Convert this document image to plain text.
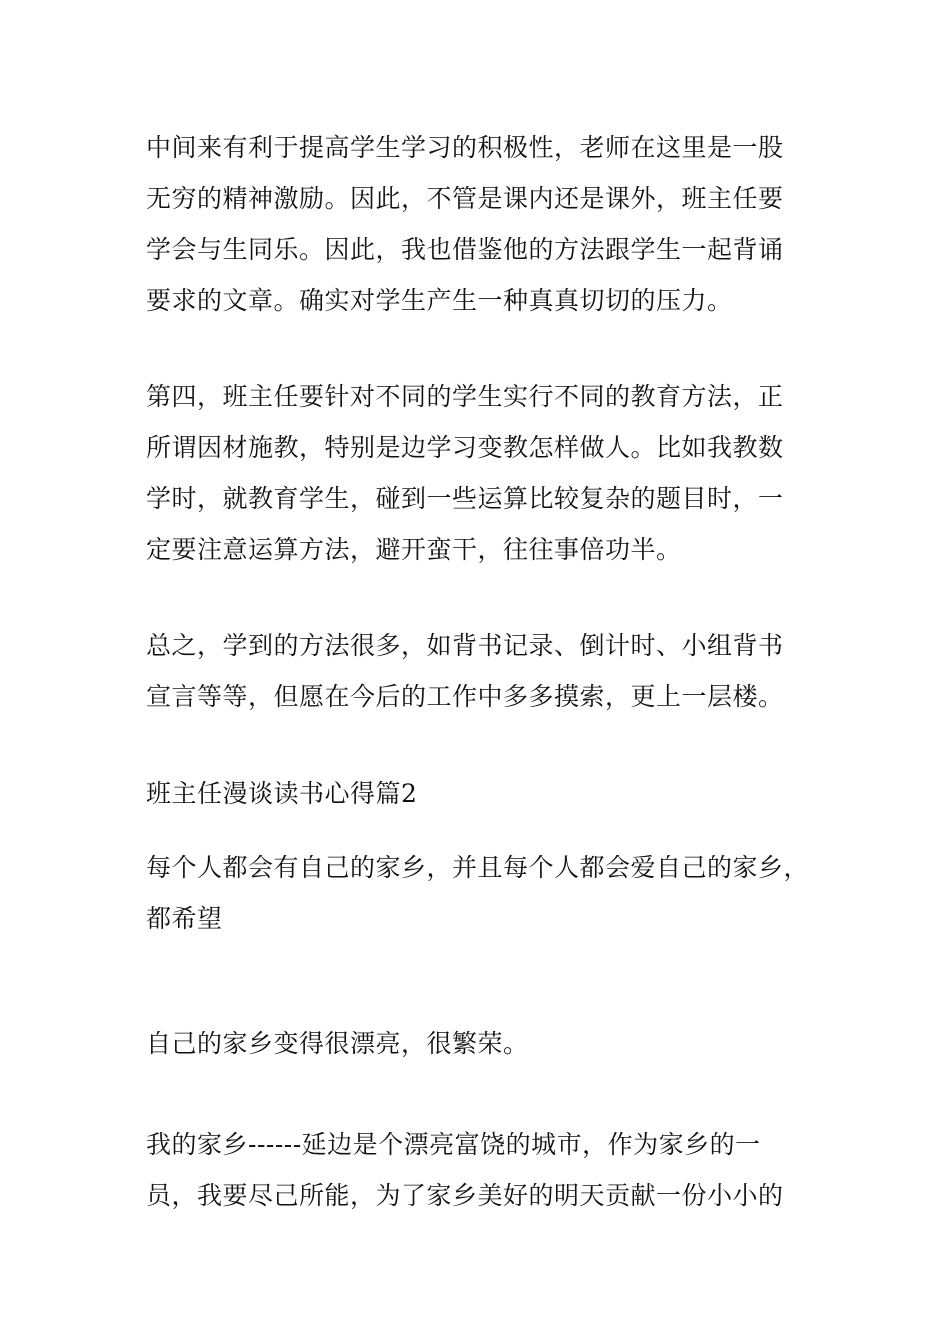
中间来有利于提高学生学习的积极性，老师在这里是一股
无穷的精神激励。因此，不管是课内还是课外，班主任要
学会与生同乐。因此，我也借鉴他的方法跟学生一起背诵
要求的文章。确实对学生产生一种真真切切的压力。
第四，班主任要针对不同的学生实行不同的教育方法，正
所谓因材施教，特别是边学习变教怎样做人。比如我教数
学时，就教育学生，碰到一些运算比较复杂的题目时，一
定要注意运算方法，避开蛮干，往往事倍功半。
总之，学到的方法很多，如背书记录、倒计时、小组背书
宣言等等，但愿在今后的工作中多多摸索，更上一层楼。
班主任漫谈读书心得篇2
每个人都会有自己的家乡，并且每个人都会爱自己的家乡，
都希望
自己的家乡变得很漂亮，很繁荣。
我的家乡------延边是个漂亮富饶的城市，作为家乡的一
员，我要尽己所能，为了家乡美好的明天贡献一份小小的
